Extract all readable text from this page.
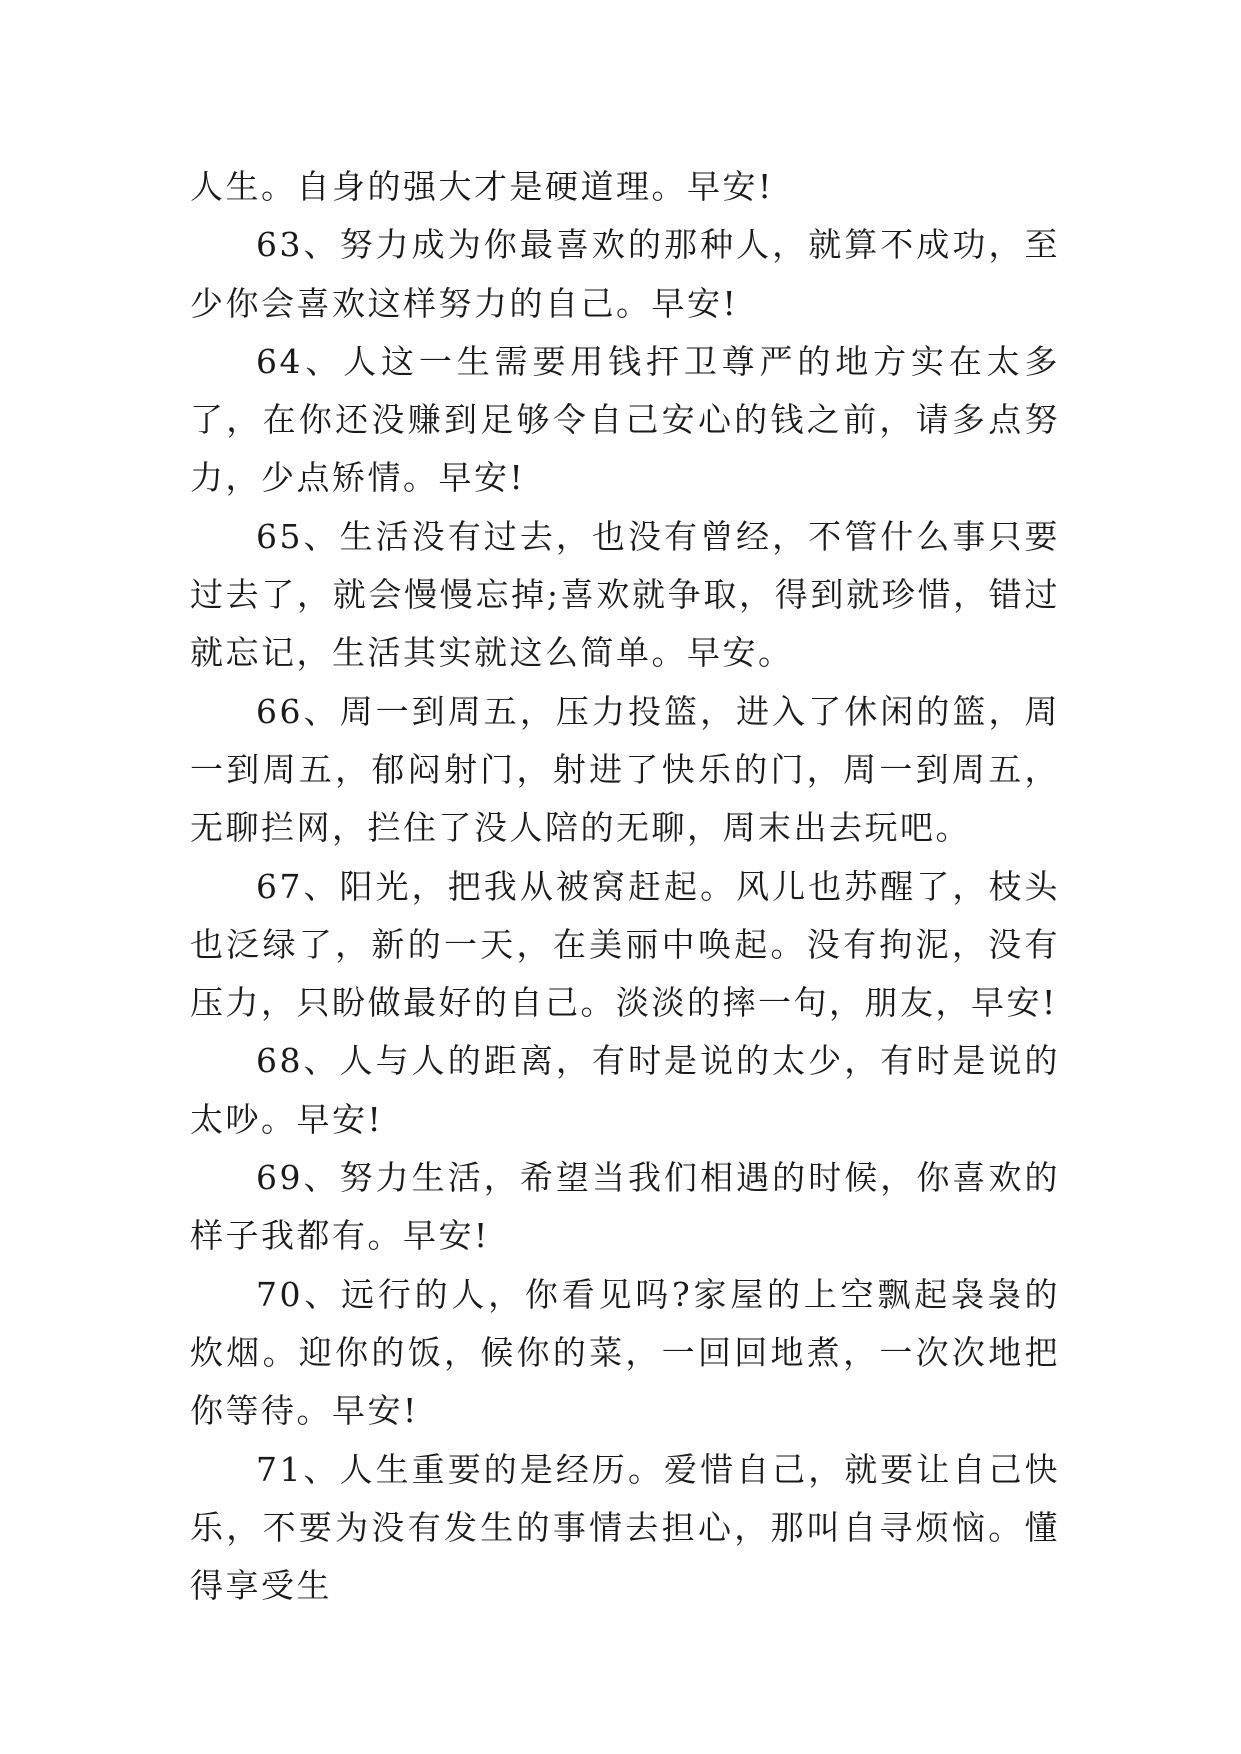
人生。自身的强大才是硬道理。早安!

63、努力成为你最喜欢的那种人，就算不成功，至少你会喜欢这样努力的自己。早安!

64、人这一生需要用钱扞卫尊严的地方实在太多了，在你还没赚到足够令自己安心的钱之前，请多点努力，少点矫情。早安!

65、生活没有过去，也没有曾经，不管什么事只要过去了，就会慢慢忘掉;喜欢就争取，得到就珍惜，错过就忘记，生活其实就这么简单。早安。

66、周一到周五，压力投篮，进入了休闲的篮，周一到周五，郁闷射门，射进了快乐的门，周一到周五，无聊拦网，拦住了没人陪的无聊，周末出去玩吧。

67、阳光，把我从被窝赶起。风儿也苏醒了，枝头也泛绿了，新的一天，在美丽中唤起。没有拘泥，没有压力，只盼做最好的自己。淡淡的摔一句，朋友，早安!

68、人与人的距离，有时是说的太少，有时是说的太吵。早安!

69、努力生活，希望当我们相遇的时候，你喜欢的样子我都有。早安!

70、远行的人，你看见吗?家屋的上空飘起袅袅的炊烟。迎你的饭，候你的菜，一回回地煮，一次次地把你等待。早安!

71、人生重要的是经历。爱惜自己，就要让自己快乐，不要为没有发生的事情去担心，那叫自寻烦恼。懂得享受生
